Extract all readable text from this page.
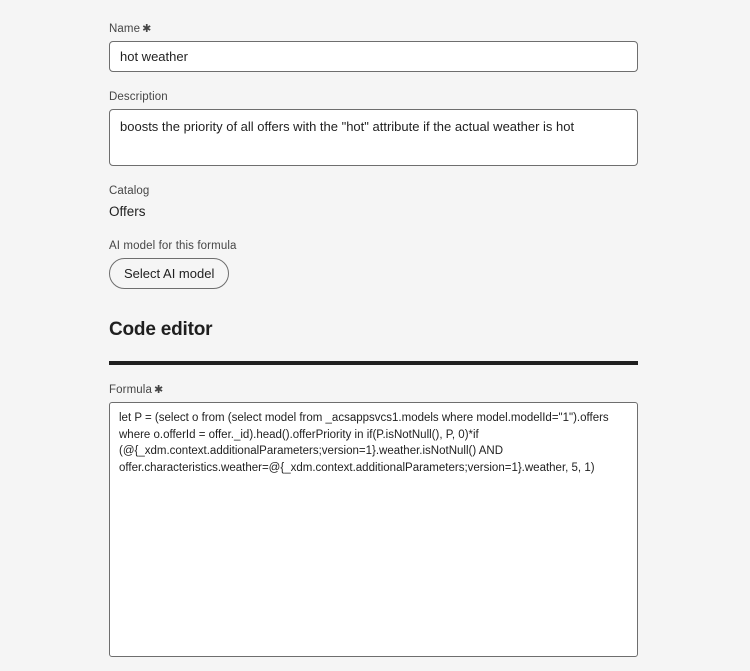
Name ✱
hot weather
Description
boosts the priority of all offers with the "hot" attribute if the actual weather is hot
Catalog
Offers
AI model for this formula
Select AI model
Code editor
Formula ✱
let P = (select o from (select model from _acsappsvcs1.models where model.modelId="1").offers where o.offerId = offer._id).head().offerPriority in if(P.isNotNull(), P, 0)*if (@{_xdm.context.additionalParameters;version=1}.weather.isNotNull() AND offer.characteristics.weather=@{_xdm.context.additionalParameters;version=1}.weather, 5, 1)
